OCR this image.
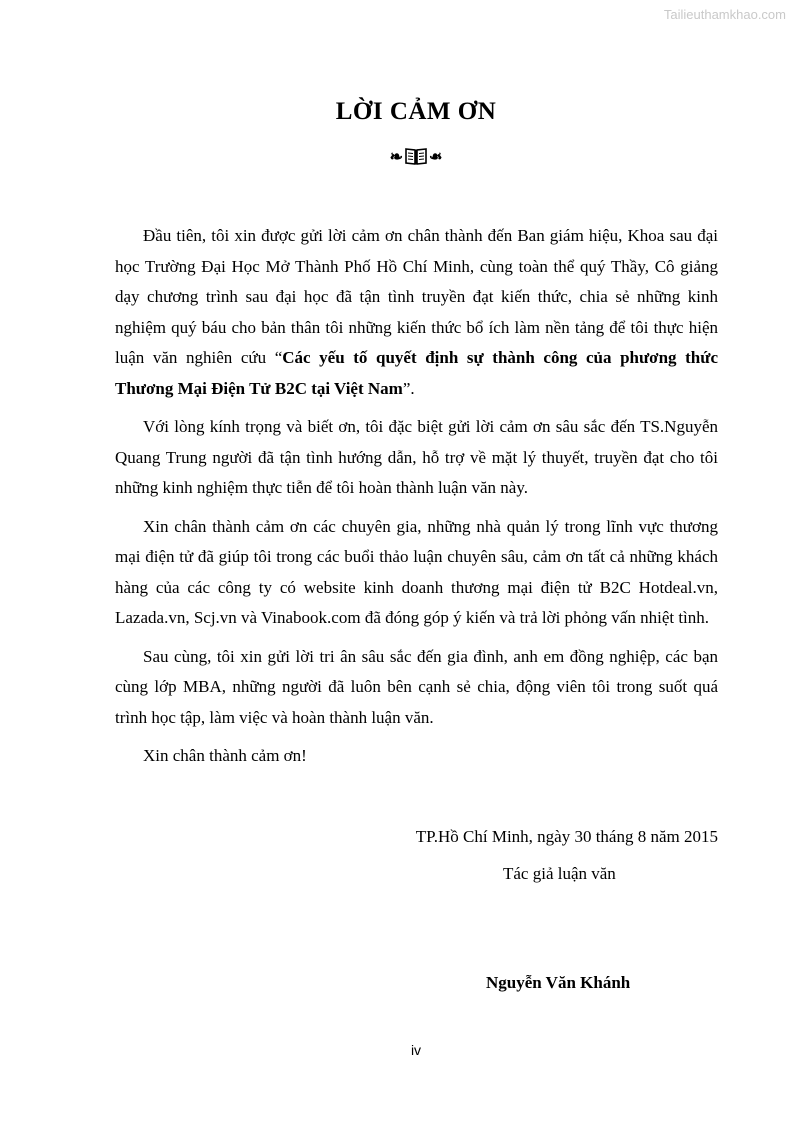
Tailieuthamkhao.com
LỜI CẢM ƠN
❧ ❧

Đầu tiên, tôi xin được gửi lời cảm ơn chân thành đến Ban giám hiệu, Khoa sau đại học Trường Đại Học Mở Thành Phố Hồ Chí Minh, cùng toàn thể quý Thầy, Cô giảng dạy chương trình sau đại học đã tận tình truyền đạt kiến thức, chia sẻ những kinh nghiệm quý báu cho bản thân tôi những kiến thức bổ ích làm nền tảng để tôi thực hiện luận văn nghiên cứu “Các yếu tố quyết định sự thành công của phương thức Thương Mại Điện Tử B2C tại Việt Nam”.

Với lòng kính trọng và biết ơn, tôi đặc biệt gửi lời cảm ơn sâu sắc đến TS.Nguyễn Quang Trung người đã tận tình hướng dẫn, hỗ trợ về mặt lý thuyết, truyền đạt cho tôi những kinh nghiệm thực tiễn để tôi hoàn thành luận văn này.

Xin chân thành cảm ơn các chuyên gia, những nhà quản lý trong lĩnh vực thương mại điện tử đã giúp tôi trong các buổi thảo luận chuyên sâu, cảm ơn tất cả những khách hàng của các công ty có website kinh doanh thương mại điện tử B2C Hotdeal.vn, Lazada.vn, Scj.vn và Vinabook.com đã đóng góp ý kiến và trả lời phỏng vấn nhiệt tình.

Sau cùng, tôi xin gửi lời tri ân sâu sắc đến gia đình, anh em đồng nghiệp, các bạn cùng lớp MBA, những người đã luôn bên cạnh sẻ chia, động viên tôi trong suốt quá trình học tập, làm việc và hoàn thành luận văn.

Xin chân thành cảm ơn!

TP.Hồ Chí Minh, ngày 30 tháng 8 năm 2015
Tác giả luận văn
Nguyễn Văn Khánh
iv
